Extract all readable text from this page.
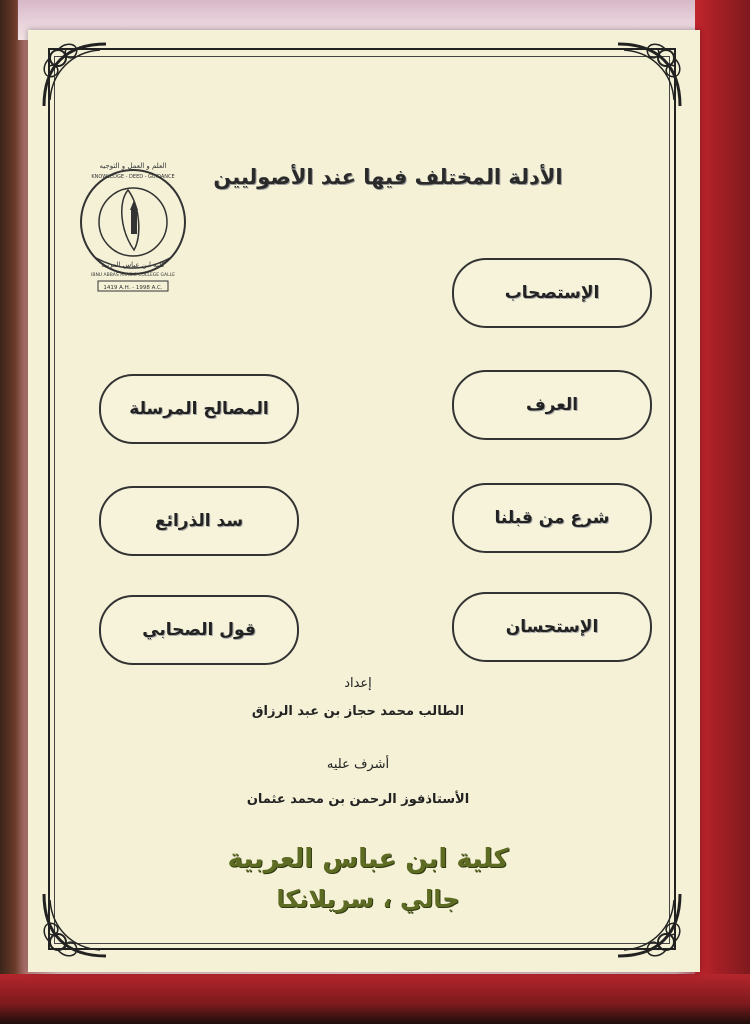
العلم و العمل و التوجيه
KNOWLEDGE - DEED - GUIDANCE
كلية ابن عباس العربية
IBNU ABBAS ARABIC COLLEGE GALLE
1419 A.H. - 1998 A.C.
الأدلة المختلف فيها عند الأصوليين
الإستصحاب
العرف
شرع من قبلنا
الإستحسان
المصالح المرسلة
سد الذرائع
قول الصحابي
إعداد
الطالب محمد حجاز بن عبد الرزاق
أشرف عليه
الأستاذفوز الرحمن بن محمد عثمان
كلية ابن عباس العربية
جالي ، سريلانكا
